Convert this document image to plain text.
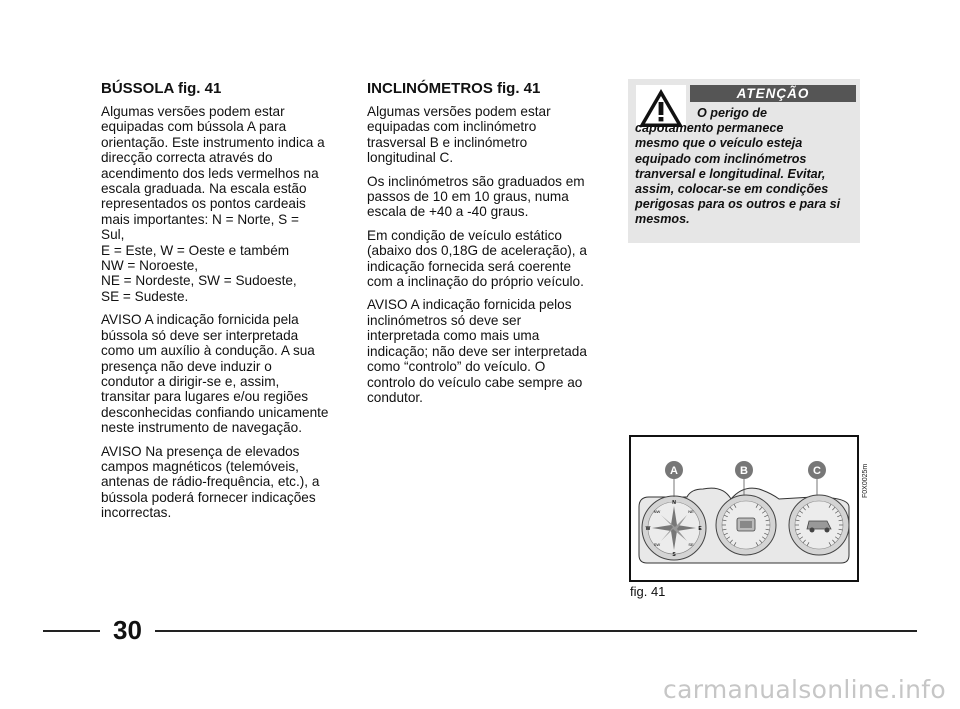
BÚSSOLA fig. 41

Algumas versões podem estar
equipadas com bússola A para
orientação. Este instrumento indica a
direcção correcta através do
acendimento dos leds vermelhos na
escala graduada. Na escala estão
representados os pontos cardeais
mais importantes: N = Norte, S =
Sul,
E = Este, W = Oeste e também
NW = Noroeste,
NE = Nordeste, SW = Sudoeste,
SE = Sudeste.

AVISO A indicação fornicida pela
bússola só deve ser interpretada
como um auxílio à condução. A sua
presença não deve induzir o
condutor a dirigir-se e, assim,
transitar para lugares e/ou regiões
desconhecidas confiando unicamente
neste instrumento de navegação.

AVISO Na presença de elevados
campos magnéticos (telemóveis,
antenas de rádio-frequência, etc.), a
bússola poderá fornecer indicações
incorrectas.

INCLINÓMETROS fig. 41

Algumas versões podem estar
equipadas com inclinómetro
trasversal B e inclinómetro
longitudinal C.

Os inclinómetros são graduados em
passos de 10 em 10 graus, numa
escala de +40 a -40 graus.

Em condição de veículo estático
(abaixo dos 0,18G de aceleração), a
indicação fornecida será coerente
com a inclinação do próprio veículo.

AVISO A indicação fornicida pelos
inclinómetros só deve ser
interpretada como mais uma
indicação; não deve ser interpretada
como “controlo” do veículo. O
controlo do veículo cabe sempre ao
condutor.

ATENÇÃO
O perigo de
capotamento permanece
mesmo que o veículo esteja
equipado com inclinómetros
tranversal e longitudinal. Evitar,
assim, colocar-se em condições
perigosas para os outros e para si
mesmos.
N
NE
E
SE
S
SW
W
NW
A	B	C	F0X0025m
fig. 41
30
carmanualsonline.info
